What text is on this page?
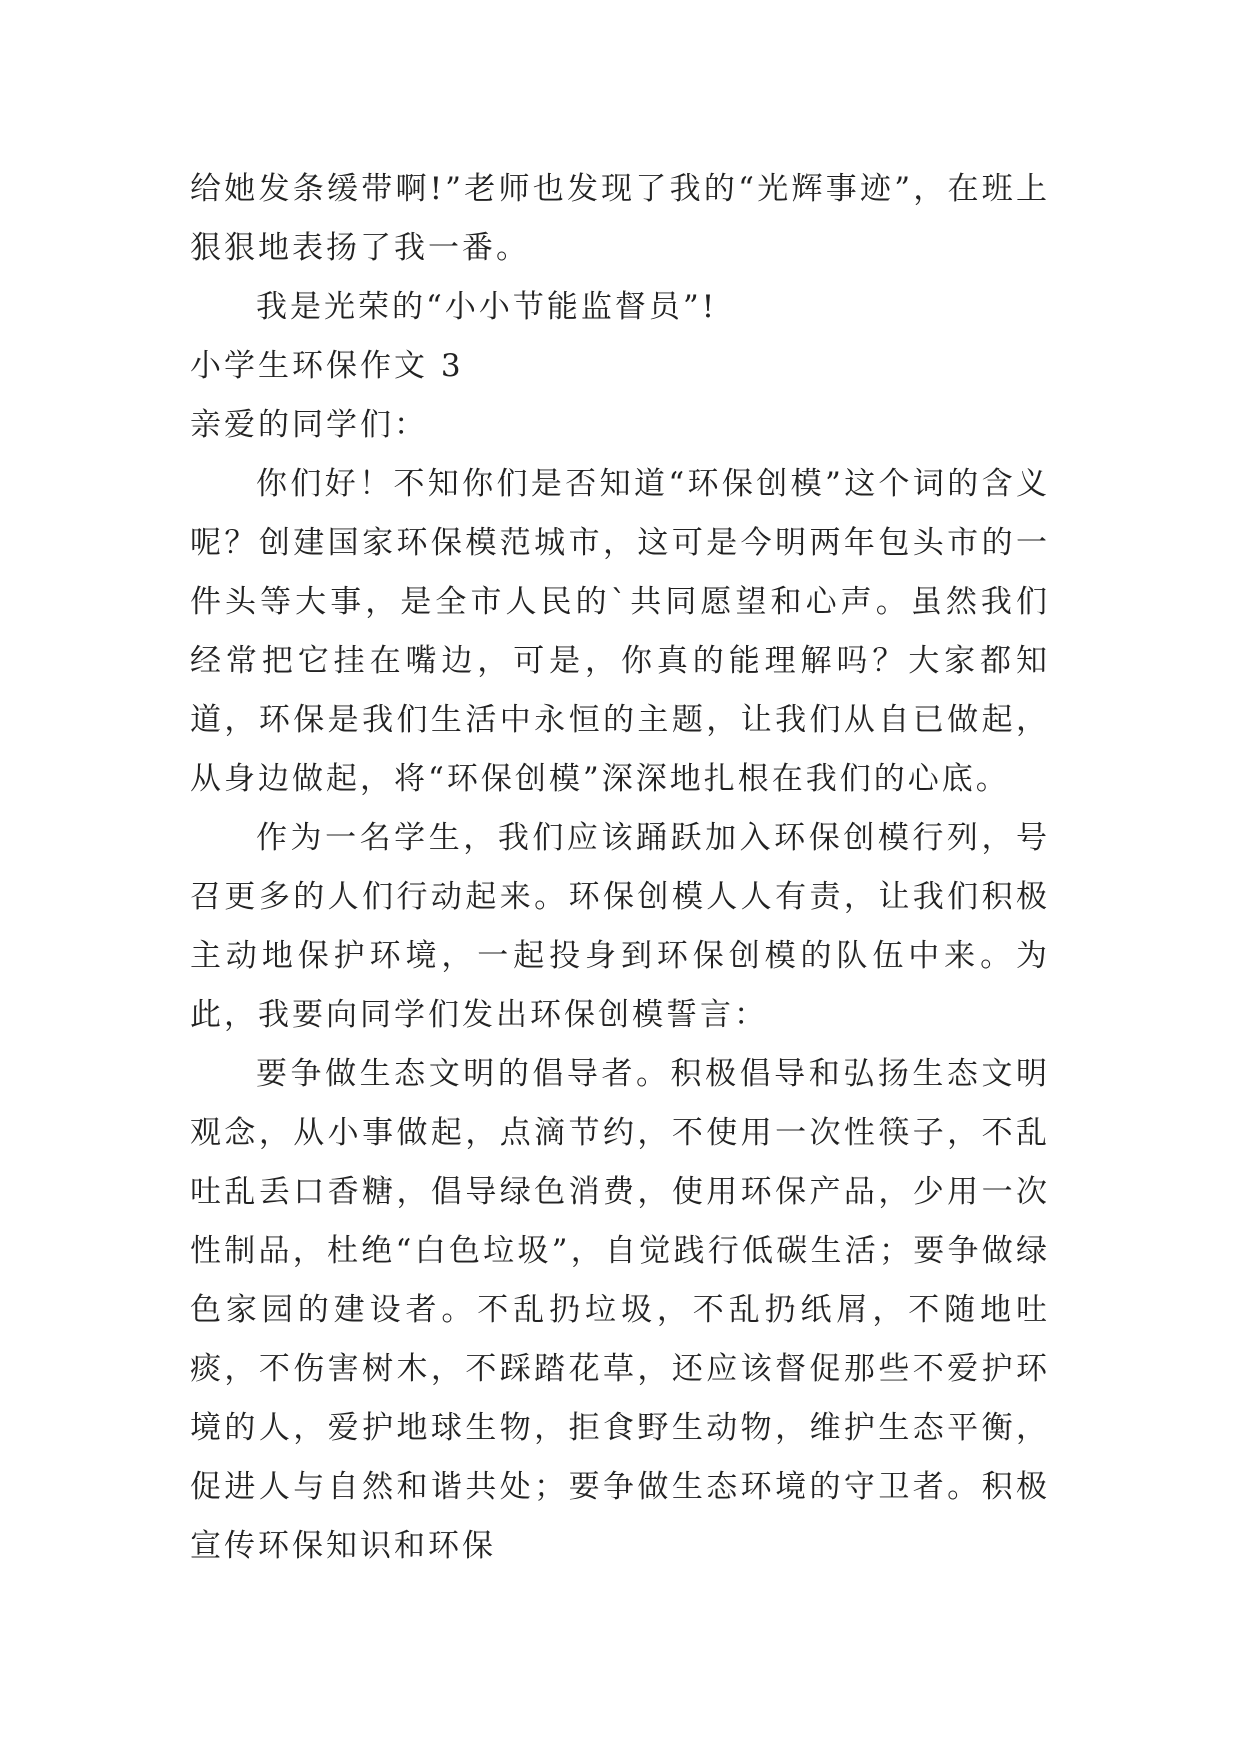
给她发条缓带啊!”老师也发现了我的“光辉事迹”，在班上狠狠地表扬了我一番。

我是光荣的“小小节能监督员”!

小学生环保作文 3

亲爱的同学们：

你们好！不知你们是否知道“环保创模”这个词的含义呢？创建国家环保模范城市，这可是今明两年包头市的一件头等大事，是全市人民的`共同愿望和心声。虽然我们经常把它挂在嘴边，可是，你真的能理解吗？大家都知道，环保是我们生活中永恒的主题，让我们从自已做起，从身边做起，将“环保创模”深深地扎根在我们的心底。

作为一名学生，我们应该踊跃加入环保创模行列，号召更多的人们行动起来。环保创模人人有责，让我们积极主动地保护环境，一起投身到环保创模的队伍中来。为此，我要向同学们发出环保创模誓言：

要争做生态文明的倡导者。积极倡导和弘扬生态文明观念，从小事做起，点滴节约，不使用一次性筷子，不乱吐乱丢口香糖，倡导绿色消费，使用环保产品，少用一次性制品，杜绝“白色垃圾”，自觉践行低碳生活；要争做绿色家园的建设者。不乱扔垃圾，不乱扔纸屑，不随地吐痰，不伤害树木，不踩踏花草，还应该督促那些不爱护环境的人，爱护地球生物，拒食野生动物，维护生态平衡，促进人与自然和谐共处；要争做生态环境的守卫者。积极宣传环保知识和环保
